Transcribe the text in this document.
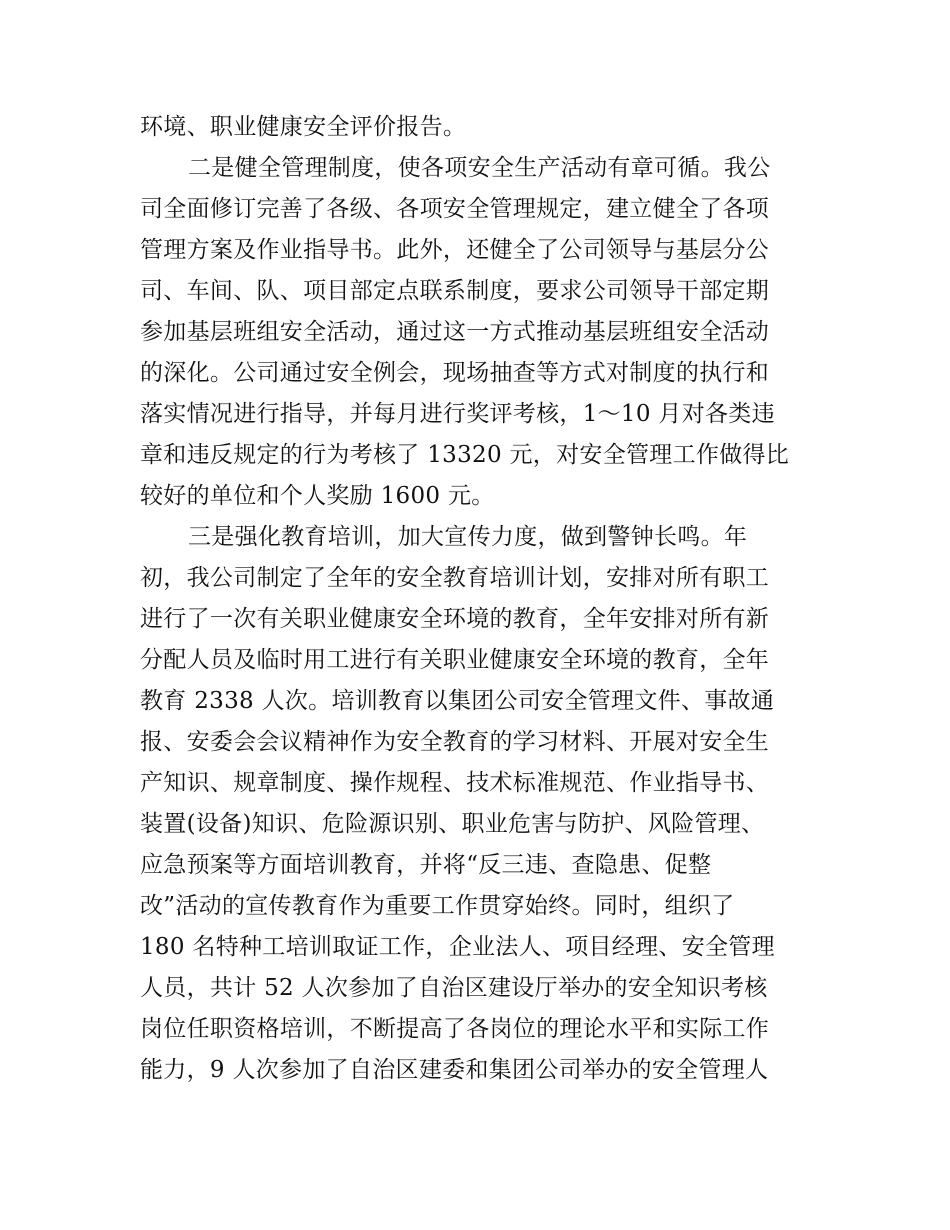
环境、职业健康安全评价报告。
二是健全管理制度，使各项安全生产活动有章可循。我公
司全面修订完善了各级、各项安全管理规定，建立健全了各项
管理方案及作业指导书。此外，还健全了公司领导与基层分公
司、车间、队、项目部定点联系制度，要求公司领导干部定期
参加基层班组安全活动，通过这一方式推动基层班组安全活动
的深化。公司通过安全例会，现场抽查等方式对制度的执行和
落实情况进行指导，并每月进行奖评考核，1～10 月对各类违
章和违反规定的行为考核了 13320 元，对安全管理工作做得比
较好的单位和个人奖励 1600 元。
三是强化教育培训，加大宣传力度，做到警钟长鸣。年
初，我公司制定了全年的安全教育培训计划，安排对所有职工
进行了一次有关职业健康安全环境的教育，全年安排对所有新
分配人员及临时用工进行有关职业健康安全环境的教育，全年
教育 2338 人次。培训教育以集团公司安全管理文件、事故通
报、安委会会议精神作为安全教育的学习材料、开展对安全生
产知识、规章制度、操作规程、技术标准规范、作业指导书、
装置(设备)知识、危险源识别、职业危害与防护、风险管理、
应急预案等方面培训教育，并将“反三违、查隐患、促整
改”活动的宣传教育作为重要工作贯穿始终。同时，组织了
180 名特种工培训取证工作，企业法人、项目经理、安全管理
人员，共计 52 人次参加了自治区建设厅举办的安全知识考核
岗位任职资格培训，不断提高了各岗位的理论水平和实际工作
能力，9 人次参加了自治区建委和集团公司举办的安全管理人
